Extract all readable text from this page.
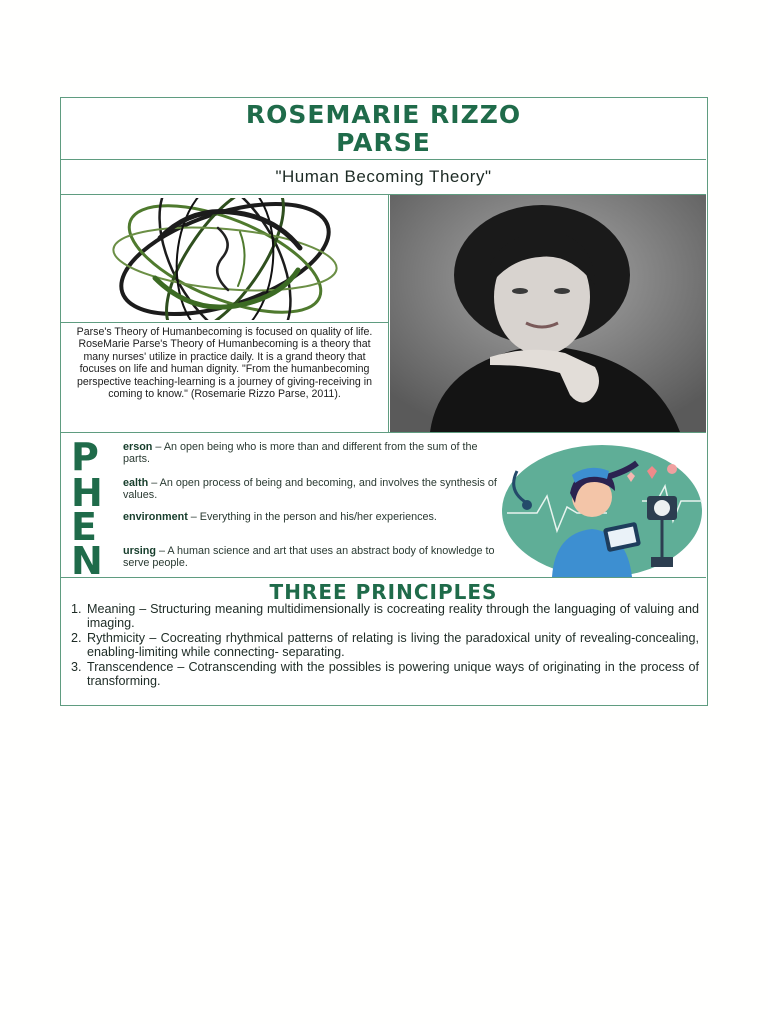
ROSEMARIE RIZZO
PARSE
"Human Becoming Theory"
Parse's Theory of Humanbecoming is focused on quality of life. RoseMarie Parse's Theory of Humanbecoming is a theory that many nurses' utilize in practice daily. It is a grand theory that focuses on life and human dignity. "From the humanbecoming perspective teaching-learning is a journey of giving-receiving in coming to know." (Rosemarie Rizzo Parse, 2011).
P	erson – An open being who is more than and different from the sum of the parts.
H	ealth – An open process of being and becoming, and involves the synthesis of values.
E	environment – Everything in the person and his/her experiences.
N	ursing – A human science and art that uses an abstract body of knowledge to serve people.
THREE PRINCIPLES
1. Meaning – Structuring meaning multidimensionally is cocreating reality through the languaging of valuing and imaging.
2. Rythmicity – Cocreating rhythmical patterns of relating is living the paradoxical unity of revealing-concealing, enabling-limiting while connecting- separating.
3. Transcendence – Cotranscending with the possibles is powering unique ways of originating in the process of transforming.
